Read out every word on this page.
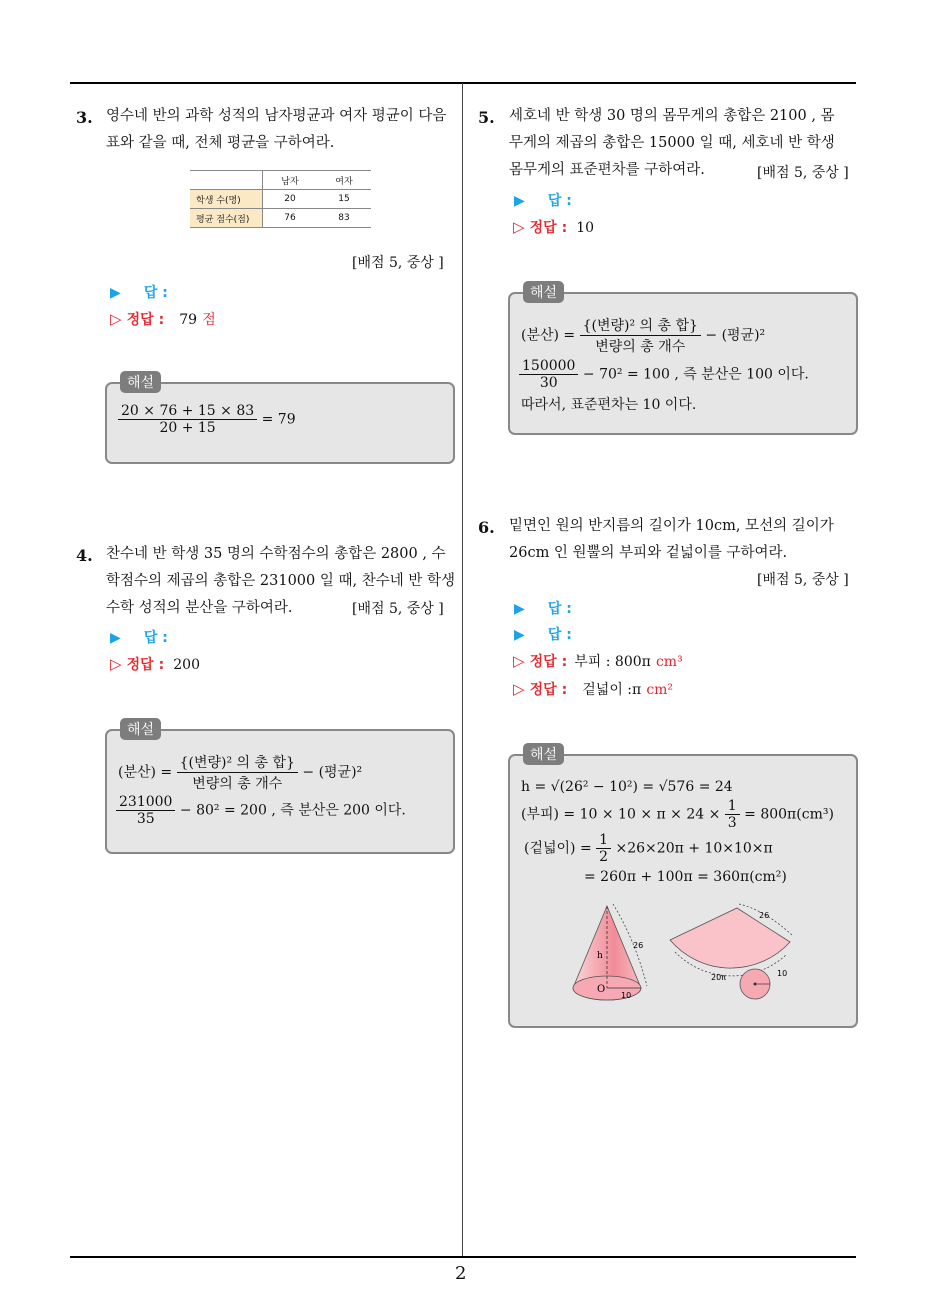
2
3. 영수네 반의 과학 성적의 남자평균과 여자 평균이 다음
표와 같을 때, 전체 평균을 구하여라.
	남자	여자
학생 수(명)	20	15
평균 점수(점)	76	83
[배점 5, 중상 ]
▶ 답 :
▷ 정답 : 79 점
해설
$\frac{20 \times 76 + 15 \times 83}{20 + 15} = 79$
4. 찬수네 반 학생 35 명의 수학점수의 총합은 2800 , 수
학점수의 제곱의 총합은 231000 일 때, 찬수네 반 학생
수학 성적의 분산을 구하여라.	[배점 5, 중상 ]
▶ 답 :
▷ 정답 : 200
해설
(분산) = $\frac{\text{\{(변량)² 의 총 합\}}}{\text{변량의 총 개수}}$ − (평균)²
$\frac{231000}{35} - 80^2 = 200$ , 즉 분산은 200 이다.
5. 세호네 반 학생 30 명의 몸무게의 총합은 2100 , 몸
무게의 제곱의 총합은 15000 일 때, 세호네 반 학생
몸무게의 표준편차를 구하여라.	[배점 5, 중상 ]
▶ 답 :
▷ 정답 : 10
해설
(분산) = $\frac{\text{\{(변량)² 의 총 합\}}}{\text{변량의 총 개수}}$ − (평균)²
$\frac{150000}{30} - 70^2 = 100$ , 즉 분산은 100 이다.
따라서, 표준편차는 10 이다.
6. 밑면인 원의 반지름의 길이가 10cm, 모선의 길이가
26cm 인 원뿔의 부피와 겉넓이를 구하여라.
[배점 5, 중상 ]
▶ 답 :
▶ 답 :
▷ 정답 : 부피 : 800π cm³
▷ 정답 : 겉넓이 :π cm²
해설
h = √(26² − 10²) = √576 = 24
(부피) = $10 \times 10 \times \pi \times 24 \times \frac{1}{3} = 800\pi(cm^3)$
(겉넓이) = $\frac{1}{2} \times 26\times 20\pi + 10\times 10\times\pi$
= 260π + 100π = 360π(cm²)
h
26
O
10
26
20π	10
